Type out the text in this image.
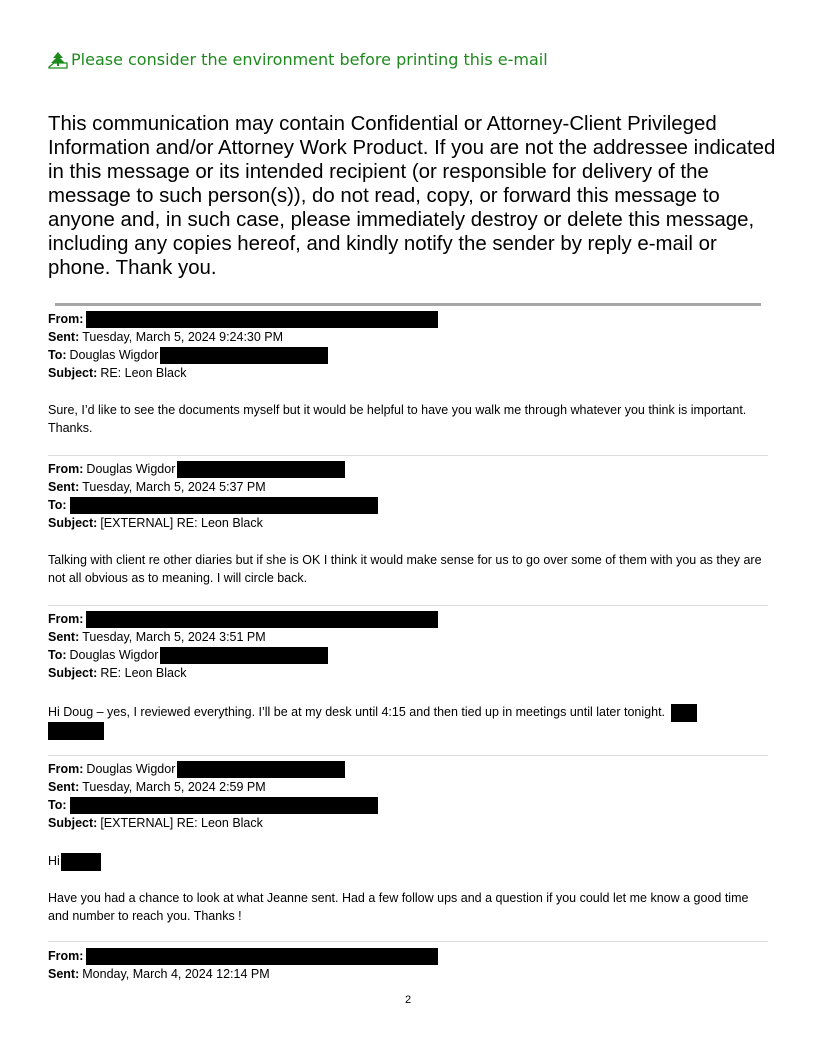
Please consider the environment before printing this e-mail
This communication may contain Confidential or Attorney-Client Privileged Information and/or Attorney Work Product. If you are not the addressee indicated in this message or its intended recipient (or responsible for delivery of the message to such person(s)), do not read, copy, or forward this message to anyone and, in such case, please immediately destroy or delete this message, including any copies hereof, and kindly notify the sender by reply e-mail or phone. Thank you.
From:
Sent: Tuesday, March 5, 2024 9:24:30 PM
To: Douglas Wigdor
Subject: RE: Leon Black
Sure, I’d like to see the documents myself but it would be helpful to have you walk me through whatever you think is important. Thanks.
From: Douglas Wigdor
Sent: Tuesday, March 5, 2024 5:37 PM
To:
Subject: [EXTERNAL] RE: Leon Black
Talking with client re other diaries but if she is OK I think it would make sense for us to go over some of them with you as they are not all obvious as to meaning. I will circle back.
From:
Sent: Tuesday, March 5, 2024 3:51 PM
To: Douglas Wigdor
Subject: RE: Leon Black
Hi Doug – yes, I reviewed everything. I’ll be at my desk until 4:15 and then tied up in meetings until later tonight.

From: Douglas Wigdor
Sent: Tuesday, March 5, 2024 2:59 PM
To:
Subject: [EXTERNAL] RE: Leon Black
Hi
Have you had a chance to look at what Jeanne sent. Had a few follow ups and a question if you could let me know a good time and number to reach you. Thanks !
From:
Sent: Monday, March 4, 2024 12:14 PM
2
